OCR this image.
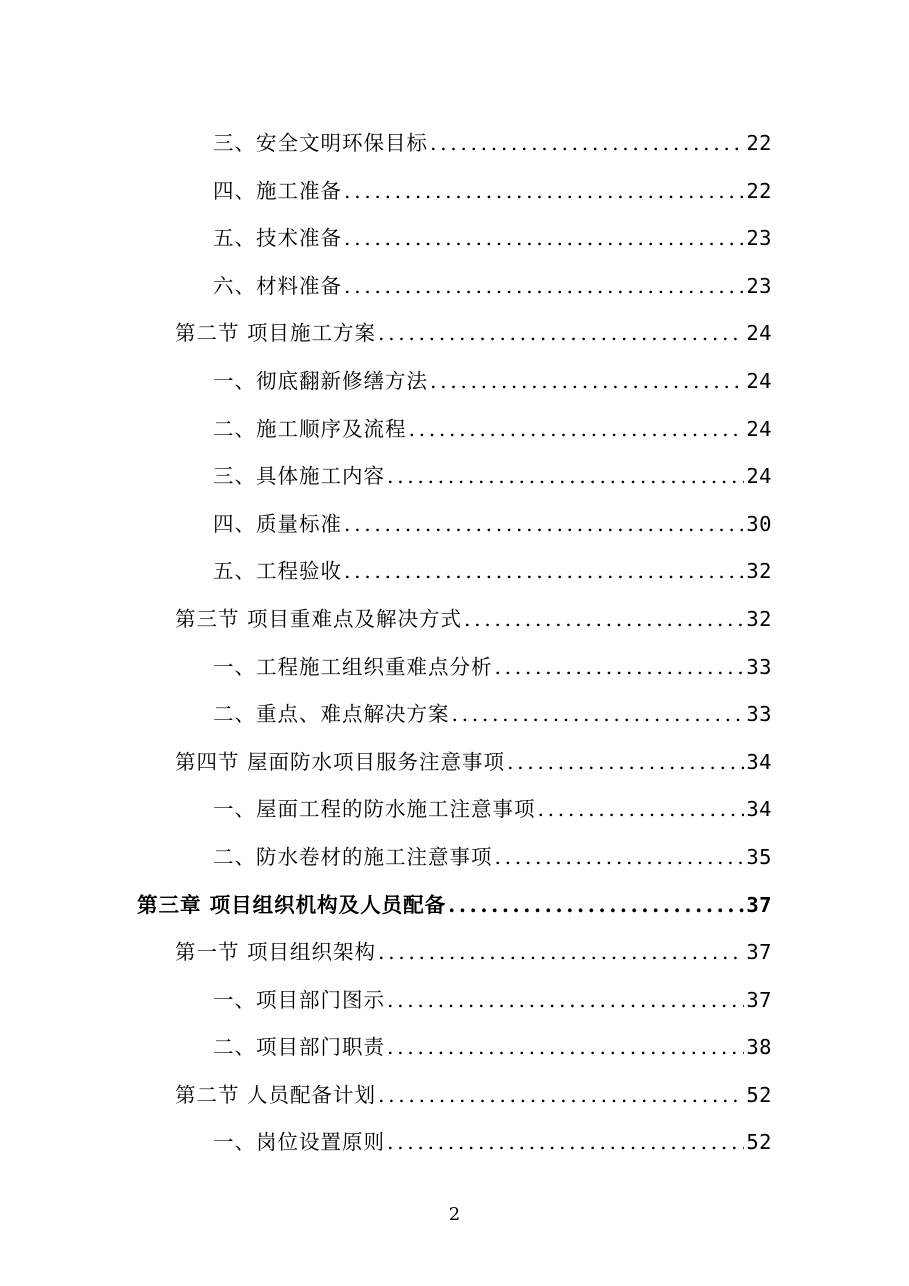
三、安全文明环保目标 .....	22
四、施工准备 .....	22
五、技术准备 .....	23
六、材料准备 .....	23
第二节 项目施工方案 .....	24
一、彻底翻新修缮方法 .....	24
二、施工顺序及流程 .....	24
三、具体施工内容 .....	24
四、质量标准 .....	30
五、工程验收 .....	32
第三节 项目重难点及解决方式 .....	32
一、工程施工组织重难点分析 .....	33
二、重点、难点解决方案 .....	33
第四节 屋面防水项目服务注意事项 .....	34
一、屋面工程的防水施工注意事项 .....	34
二、防水卷材的施工注意事项 .....	35
第三章 项目组织机构及人员配备 .....	37
第一节 项目组织架构 .....	37
一、项目部门图示 .....	37
二、项目部门职责 .....	38
第二节 人员配备计划 .....	52
一、岗位设置原则 .....	52
2
